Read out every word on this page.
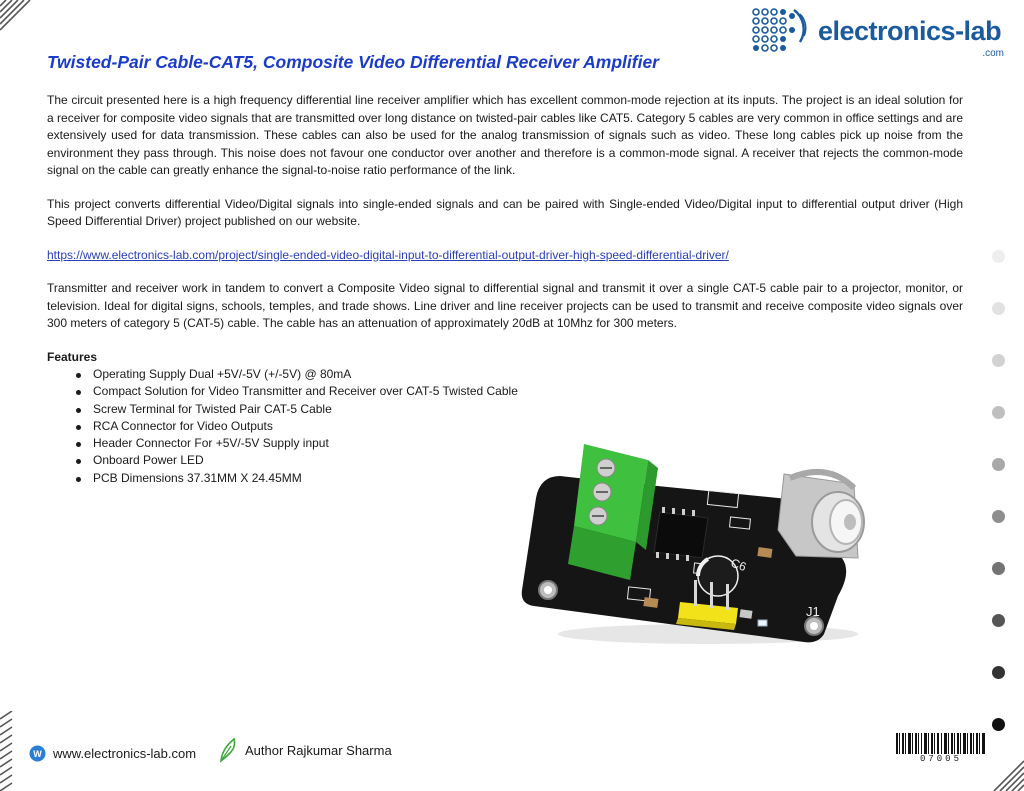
electronics-lab
.com
Twisted-Pair Cable-CAT5, Composite Video Differential Receiver Amplifier

The circuit presented here is a high frequency differential line receiver amplifier which has excellent common-mode rejection at its inputs. The project is an ideal solution for a receiver for composite video signals that are transmitted over long distance on twisted-pair cables like CAT5. Category 5 cables are very common in office settings and are extensively used for data transmission. These cables can also be used for the analog transmission of signals such as video. These long cables pick up noise from the environment they pass through. This noise does not favour one conductor over another and therefore is a common-mode signal. A receiver that rejects the common-mode signal on the cable can greatly enhance the signal-to-noise ratio performance of the link.

This project converts differential Video/Digital signals into single-ended signals and can be paired with Single-ended Video/Digital input to differential output driver (High Speed Differential Driver) project published on our website.

https://www.electronics-lab.com/project/single-ended-video-digital-input-to-differential-output-driver-high-speed-differential-driver/

Transmitter and receiver work in tandem to convert a Composite Video signal to differential signal and transmit it over a single CAT-5 cable pair to a projector, monitor, or television. Ideal for digital signs, schools, temples, and trade shows. Line driver and line receiver projects can be used to transmit and receive composite video signals over 300 meters of category 5 (CAT-5) cable. The cable has an attenuation of approximately 20dB at 10Mhz for 300 meters.

Features
Operating Supply Dual +5V/-5V (+/-5V) @ 80mA
Compact Solution for Video Transmitter and Receiver over CAT-5 Twisted Cable
Screw Terminal for Twisted Pair CAT-5 Cable
RCA Connector for Video Outputs
Header Connector For +5V/-5V Supply input
Onboard Power LED
PCB Dimensions 37.31MM X 24.45MM
C6
J1
W www.electronics-lab.com	Author Rajkumar Sharma
07005
